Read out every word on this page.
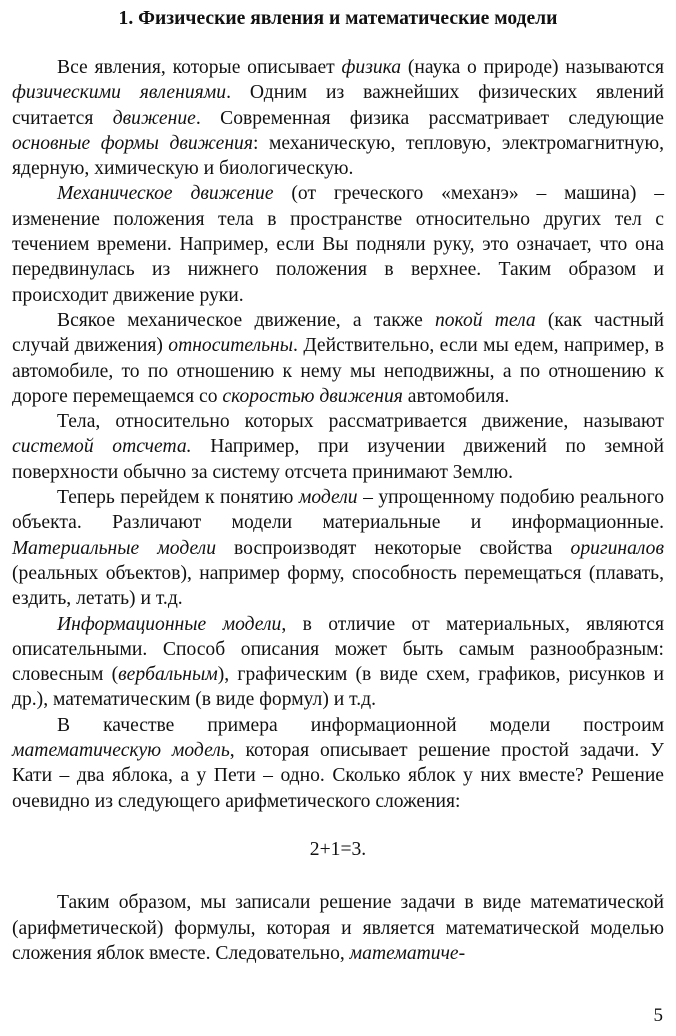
1. Физические явления и математические модели

Все явления, которые описывает физика (наука о природе) называются физическими явлениями. Одним из важнейших физических явлений считается движение. Современная физика рассматривает следующие основные формы движения: механическую, тепловую, электромагнитную, ядерную, химическую и биологическую.

Механическое движение (от греческого «механэ» – машина) – изменение положения тела в пространстве относительно других тел с течением времени. Например, если Вы подняли руку, это означает, что она передвинулась из нижнего положения в верхнее. Таким образом и происходит движение руки.

Всякое механическое движение, а также покой тела (как частный случай движения) относительны. Действительно, если мы едем, например, в автомобиле, то по отношению к нему мы неподвижны, а по отношению к дороге перемещаемся со скоростью движения автомобиля.

Тела, относительно которых рассматривается движение, называют системой отсчета. Например, при изучении движений по земной поверхности обычно за систему отсчета принимают Землю.

Теперь перейдем к понятию модели – упрощенному подобию реального объекта. Различают модели материальные и информационные. Материальные модели воспроизводят некоторые свойства оригиналов (реальных объектов), например форму, способность перемещаться (плавать, ездить, летать) и т.д.

Информационные модели, в отличие от материальных, являются описательными. Способ описания может быть самым разнообразным: словесным (вербальным), графическим (в виде схем, графиков, рисунков и др.), математическим (в виде формул) и т.д.

В качестве примера информационной модели построим математическую модель, которая описывает решение простой задачи. У Кати – два яблока, а у Пети – одно. Сколько яблок у них вместе? Решение очевидно из следующего арифметического сложения:

2+1=3.

Таким образом, мы записали решение задачи в виде математической (арифметической) формулы, которая и является математической моделью сложения яблок вместе. Следовательно, математиче-

5
